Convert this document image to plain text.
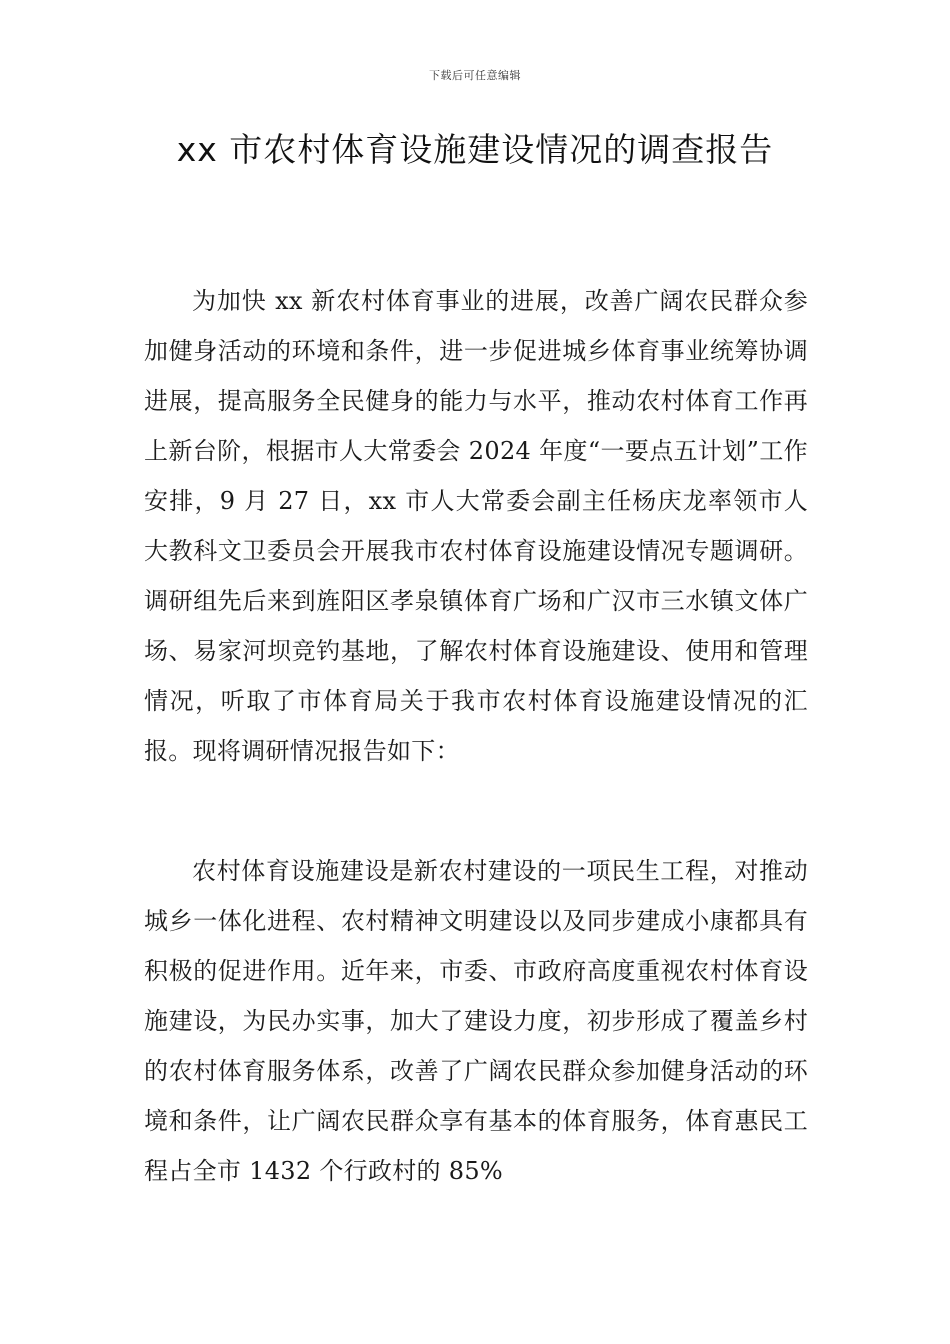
下载后可任意编辑
xx 市农村体育设施建设情况的调查报告

为加快 xx 新农村体育事业的进展，改善广阔农民群众参加健身活动的环境和条件，进一步促进城乡体育事业统筹协调进展，提高服务全民健身的能力与水平，推动农村体育工作再上新台阶，根据市人大常委会 2024 年度“一要点五计划”工作安排，9 月 27 日，xx 市人大常委会副主任杨庆龙率领市人大教科文卫委员会开展我市农村体育设施建设情况专题调研。调研组先后来到旌阳区孝泉镇体育广场和广汉市三水镇文体广场、易家河坝竞钓基地，了解农村体育设施建设、使用和管理情况，听取了市体育局关于我市农村体育设施建设情况的汇报。现将调研情况报告如下：

农村体育设施建设是新农村建设的一项民生工程，对推动城乡一体化进程、农村精神文明建设以及同步建成小康都具有积极的促进作用。近年来，市委、市政府高度重视农村体育设施建设，为民办实事，加大了建设力度，初步形成了覆盖乡村的农村体育服务体系，改善了广阔农民群众参加健身活动的环境和条件，让广阔农民群众享有基本的体育服务，体育惠民工程占全市 1432 个行政村的 85%
